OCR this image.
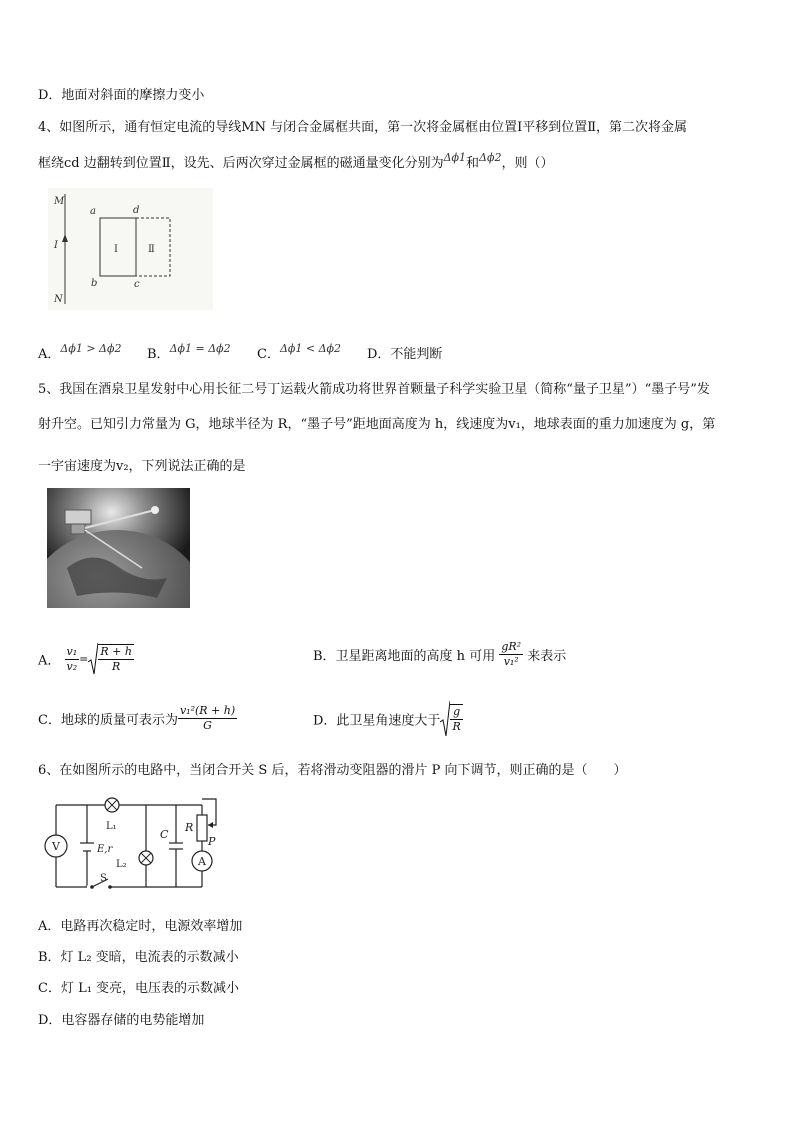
D．地面对斜面的摩擦力变小
4、如图所示，通有恒定电流的导线MN 与闭合金属框共面，第一次将金属框由位置Ⅰ平移到位置Ⅱ，第二次将金属
框绕cd 边翻转到位置Ⅱ，设先、后两次穿过金属框的磁通量变化分别为$^{\Delta\phi 1}$和$^{\Delta\phi 2}$，则（）
M
I
N
a	d
b	c
Ⅰ	Ⅱ
A．$^{\Delta\phi 1 > \Delta\phi 2}$ B．$^{\Delta\phi 1 = \Delta\phi 2}$ C．$^{\Delta\phi 1 < \Delta\phi 2}$ D．不能判断
5、我国在酒泉卫星发射中心用长征二号丁运载火箭成功将世界首颗量子科学实验卫星（简称“量子卫星”）“墨子号”发
射升空。已知引力常量为 G，地球半径为 R，“墨子号”距地面高度为 h，线速度为v₁，地球表面的重力加速度为 g，第
一宇宙速度为v₂，下列说法正确的是
A． $\frac{\text{v₁}}{\text{v₂}} = \frac{R + h}{R}$	B．卫星距离地面的高度 h 可用 $\frac{\text{gR²}}{\text{v₁²}}$ 来表示
C．地球的质量可表示为 $\frac{\text{v₁²(R + h)}}{G}$	D．此卫星角速度大于 $\frac{g}{R}$
6、在如图所示的电路中，当闭合开关 S 后，若将滑动变阻器的滑片 P 向下调节，则正确的是（　　）
V
L₁
L₂
E,r
S
C
R
P
A
A．电路再次稳定时，电源效率增加
B．灯 L₂ 变暗，电流表的示数减小
C．灯 L₁ 变亮，电压表的示数减小
D．电容器存储的电势能增加
